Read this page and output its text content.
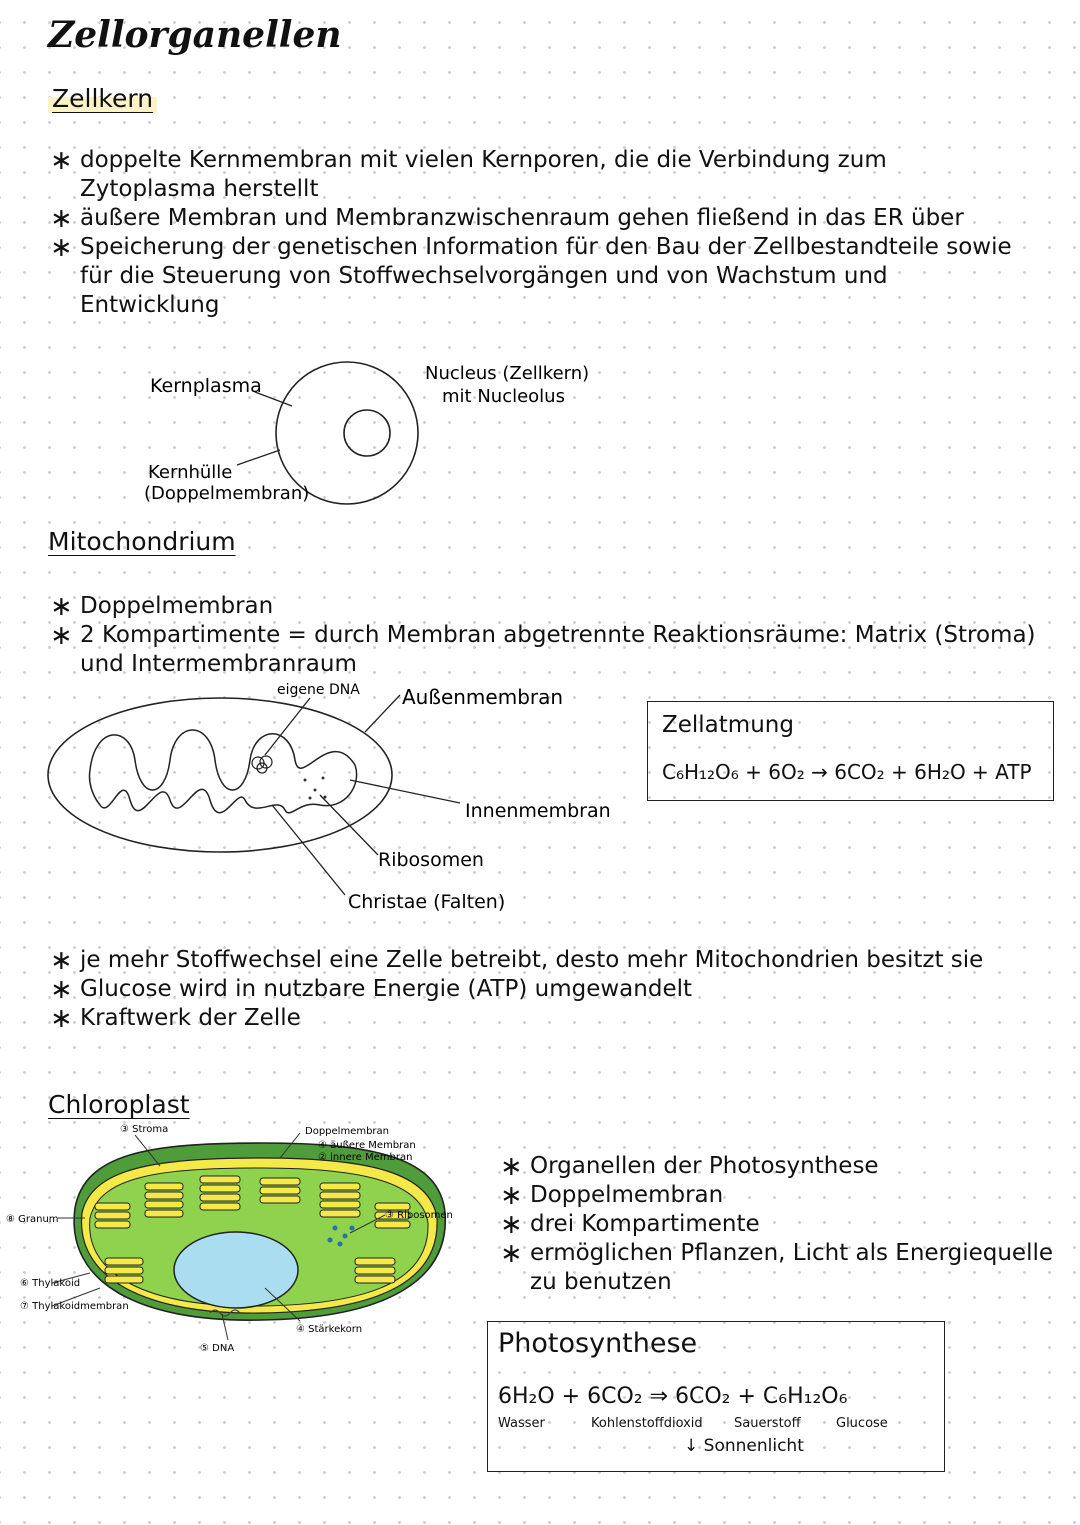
Zellorganellen
Zellkern
∗ doppelte Kernmembran mit vielen Kernporen, die die Verbindung zum Zytoplasma herstellt
∗ äußere Membran und Membranzwischenraum gehen fließend in das ER über
∗ Speicherung der genetischen Information für den Bau der Zellbestandteile sowie für die Steuerung von Stoffwechselvorgängen und von Wachstum und Entwicklung
Kernplasma
Nucleus (Zellkern)
mit Nucleolus
Kernhülle
(Doppelmembran)
Mitochondrium
∗ Doppelmembran
∗ 2 Kompartimente = durch Membran abgetrennte Reaktionsräume: Matrix (Stroma) und Intermembranraum
eigene DNA Außenmembran
Innenmembran
Ribosomen
Christae (Falten)
Zellatmung
C₆H₁₂O₆ + 6O₂ → 6CO₂ + 6H₂O + ATP
∗ je mehr Stoffwechsel eine Zelle betreibt, desto mehr Mitochondrien besitzt sie
∗ Glucose wird in nutzbare Energie (ATP) umgewandelt
∗ Kraftwerk der Zelle
Chloroplast
③ Stroma	Doppelmembran
④ äußere Membran
② innere Membran
③ Ribosomen
⑧ Granum
⑥ Thylakoid
⑦ Thylakoidmembran
④ Stärkekorn
⑤ DNA
∗ Organellen der Photosynthese
∗ Doppelmembran
∗ drei Kompartimente
∗ ermöglichen Pflanzen, Licht als Energiequelle zu benutzen
Photosynthese
6H₂O + 6CO₂ ⇒ 6CO₂ + C₆H₁₂O₆
Wasser	Kohlenstoffdioxid Sauerstoff	Glucose
↓ Sonnenlicht
